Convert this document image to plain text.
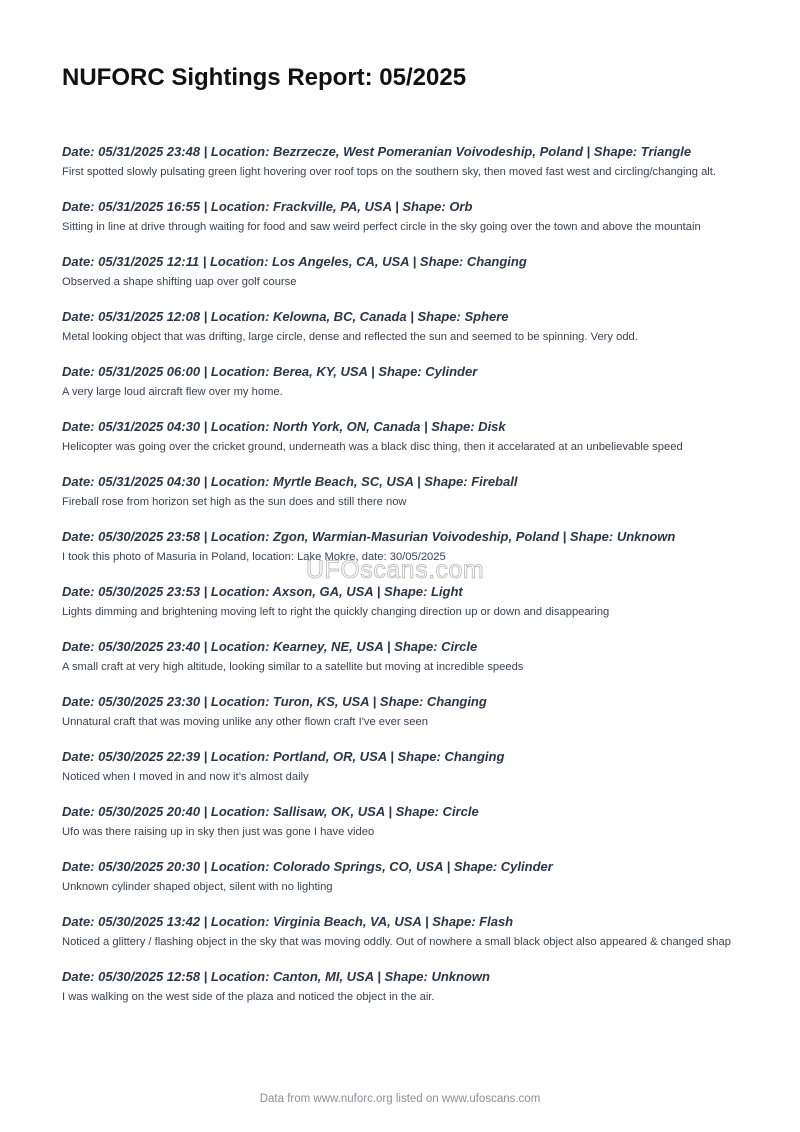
NUFORC Sightings Report: 05/2025
Date: 05/31/2025 23:48 | Location: Bezrzecze, West Pomeranian Voivodeship, Poland | Shape: Triangle
First spotted slowly pulsating green light hovering over roof tops on the southern sky, then moved fast west and circling/changing alt.
Date: 05/31/2025 16:55 | Location: Frackville, PA, USA | Shape: Orb
Sitting in line at drive through waiting for food and saw weird perfect circle in the sky going over the town and above the mountain
Date: 05/31/2025 12:11 | Location: Los Angeles, CA, USA | Shape: Changing
Observed a shape shifting uap over golf course
Date: 05/31/2025 12:08 | Location: Kelowna, BC, Canada | Shape: Sphere
Metal looking object that was drifting, large circle, dense and reflected the sun and seemed to be spinning. Very odd.
Date: 05/31/2025 06:00 | Location: Berea, KY, USA | Shape: Cylinder
A very large loud aircraft flew over my home.
Date: 05/31/2025 04:30 | Location: North York, ON, Canada | Shape: Disk
Helicopter was going over the cricket ground, underneath was a black disc thing, then it accelarated at an unbelievable speed
Date: 05/31/2025 04:30 | Location: Myrtle Beach, SC, USA | Shape: Fireball
Fireball rose from horizon set high as the sun does and still there now
Date: 05/30/2025 23:58 | Location: Zgon, Warmian-Masurian Voivodeship, Poland | Shape: Unknown
I took this photo of Masuria in Poland, location: Lake Mokre, date: 30/05/2025
Date: 05/30/2025 23:53 | Location: Axson, GA, USA | Shape: Light
Lights dimming and brightening moving left to right the quickly changing direction up or down and disappearing
Date: 05/30/2025 23:40 | Location: Kearney, NE, USA | Shape: Circle
A small craft at very high altitude, looking similar to a satellite but moving at incredible speeds
Date: 05/30/2025 23:30 | Location: Turon, KS, USA | Shape: Changing
Unnatural craft that was moving unlike any other flown craft I've ever seen
Date: 05/30/2025 22:39 | Location: Portland, OR, USA | Shape: Changing
Noticed when I moved in and now it’s almost daily
Date: 05/30/2025 20:40 | Location: Sallisaw, OK, USA | Shape: Circle
Ufo was there raising up in sky then just was gone I have video
Date: 05/30/2025 20:30 | Location: Colorado Springs, CO, USA | Shape: Cylinder
Unknown cylinder shaped object, silent with no lighting
Date: 05/30/2025 13:42 | Location: Virginia Beach, VA, USA | Shape: Flash
Noticed a glittery / flashing object in the sky that was moving oddly. Out of nowhere a small black object also appeared & changed shap
Date: 05/30/2025 12:58 | Location: Canton, MI, USA | Shape: Unknown
I was walking on the west side of the plaza and noticed the object in the air.
UFOscans.com
Data from www.nuforc.org listed on www.ufoscans.com
